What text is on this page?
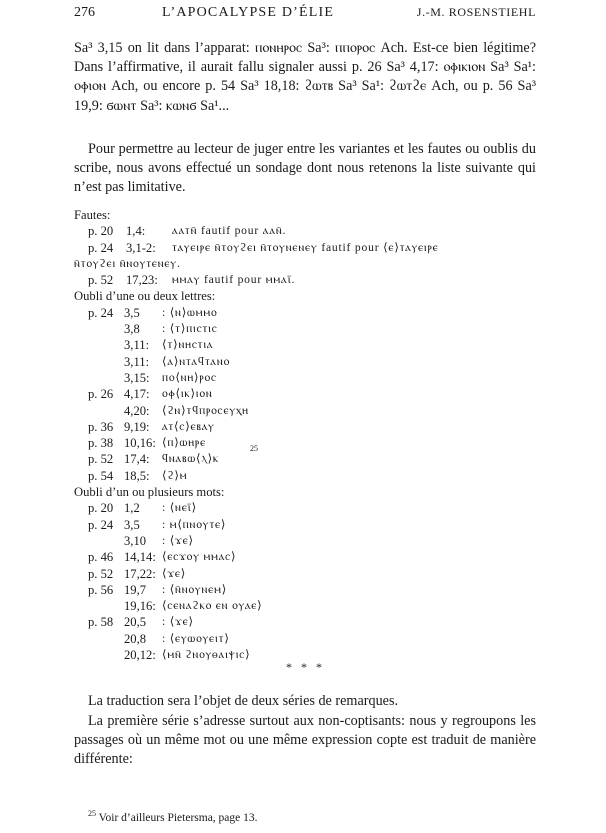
276	L’APOCALYPSE D’ÉLIE	J.-M. ROSENSTIEHL

Sa³ 3,15 on lit dans l’apparat: ⲡⲟⲛⲏⲣⲟⲥ Sa³: ⲡⲡⲟⲣⲟⲥ Ach. Est-ce bien légitime? Dans l’affirmative, il aurait fallu signaler aussi p. 26 Sa³ 4,17: ⲟⲫⲓⲕⲓⲟⲛ Sa³ Sa¹: ⲟⲫⲓⲟⲛ Ach, ou encore p. 54 Sa³ 18,18: ϩⲱⲧⲃ Sa³ Sa¹: ϩⲱⲧϩⲉ Ach, ou p. 56 Sa³ 19,9: ϭⲱⲛⲧ Sa³: ⲕⲱⲛϭ Sa¹...

Pour permettre au lecteur de juger entre les variantes et les fautes ou oublis du scribe, nous avons effectué un sondage dont nous retenons la liste suivante qui n’est pas limitative.

Fautes:
p. 20 1,4: ⲁⲁⲧⲛ̄ fautif pour ⲁⲁⲛ̄.
p. 24 3,1-2: ⲧⲁⲩⲉⲓⲣⲉ ⲛ̄ⲧⲟⲩϩⲉⲓ ⲛ̄ⲧⲟⲩⲛⲉⲛⲉⲩ fautif pour ⟨ⲉ⟩ⲧⲁⲩⲉⲓⲣⲉ
ⲛ̄ⲧⲟⲩϩⲉⲓ ⲛ̄ⲛⲟⲩⲧⲉⲛⲉⲩ.
p. 52 17,23: ⲙⲙⲁⲩ fautif pour ⲙⲙⲁϊ.
Oubli d’une ou deux lettres:
p. 24 3,5 : ⟨ⲛ⟩ⲱⲙⲙⲟ
3,8 : ⟨ⲧ⟩ⲡⲓⲥⲧⲓⲥ
3,11: ⟨ⲧ⟩ⲛⲏⲥⲧⲓⲁ
3,11: ⟨ⲁ⟩ⲛⲧⲁϥⲧⲁⲛⲟ
3,15: ⲡⲟ⟨ⲛⲏ⟩ⲣⲟⲥ
p. 26 4,17: ⲟⲫ⟨ⲓⲕ⟩ⲓⲟⲛ
4,20: ⟨ϩⲛ⟩ⲧϥⲡⲣⲟⲥⲉⲩⲭⲏ
p. 36 9,19: ⲁⲧ⟨ⲥ⟩ⲉⲃⲁⲩ
p. 38 10,16: ⟨ⲡ⟩ⲱⲏⲣⲉ
p. 52 17,4: ϥⲛⲁⲃⲱ⟨ⲗ⟩ⲕ
25
p. 54 18,5: ⟨ϩ⟩ⲙ
Oubli d’un ou plusieurs mots:
p. 20 1,2 : ⟨ⲛⲉϊ⟩
p. 24 3,5 : ⲙ⟨ⲡⲛⲟⲩⲧⲉ⟩
3,10 : ⟨ϫⲉ⟩
p. 46 14,14: ⟨ⲉⲥϫⲟⲩ ⲙⲙⲁⲥ⟩
p. 52 17,22: ⟨ϫⲉ⟩
p. 56 19,7 : ⟨ⲛ̄ⲛⲟⲩⲛⲉⲙ⟩
19,16: ⟨ⲥⲉⲛⲁϩⲕⲟ ⲉⲛ ⲟⲩⲁⲉ⟩
p. 58 20,5 : ⟨ϫⲉ⟩
20,8 : ⟨ⲉⲩⲱⲟⲩⲉⲓⲧ⟩
20,12: ⟨ⲙⲛ̄ ϩⲛⲟⲩⲑⲁⲓⲯⲓⲥ⟩
* * *

La traduction sera l’objet de deux séries de remarques.

La première série s’adresse surtout aux non-coptisants: nous y regroupons les passages où un même mot ou une même expression copte est traduit de manière différente:

$^{25}$ Voir d’ailleurs Pietersma, page 13.
